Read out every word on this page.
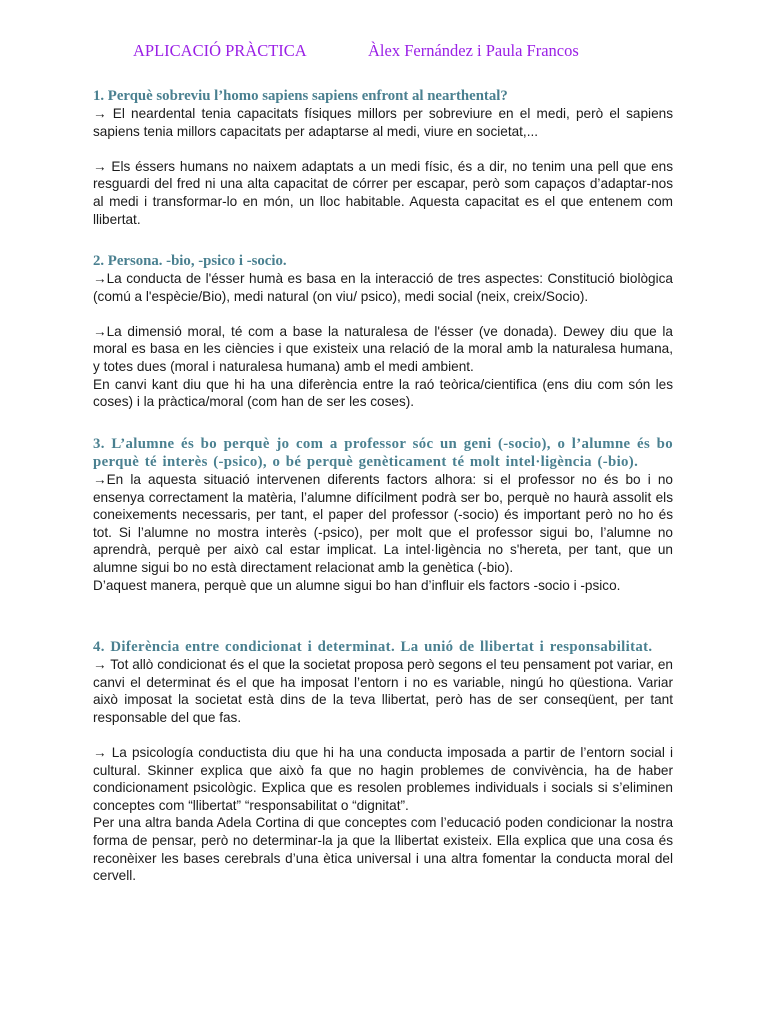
APLICACIÓ PRÀCTICA	Àlex Fernández i Paula Francos

1. Perquè sobreviu l’homo sapiens sapiens enfront al nearthental?

→ El neardental tenia capacitats físiques millors per sobreviure en el medi, però el sapiens sapiens tenia millors capacitats per adaptarse al medi, viure en societat,...

→ Els éssers humans no naixem adaptats a un medi físic, és a dir, no tenim una pell que ens resguardi del fred ni una alta capacitat de córrer per escapar, però som capaços d’adaptar-nos al medi i transformar-lo en món, un lloc habitable. Aquesta capacitat es el que entenem com llibertat.

2. Persona. -bio, -psico i -socio.

→La conducta de l'ésser humà es basa en la interacció de tres aspectes: Constitució biològica (comú a l'espècie/Bio), medi natural (on viu/ psico), medi social (neix, creix/Socio).

→La dimensió moral, té com a base la naturalesa de l'ésser (ve donada). Dewey diu que la moral es basa en les ciències i que existeix una relació de la moral amb la naturalesa humana, y totes dues (moral i naturalesa humana) amb el medi ambient.

En canvi kant diu que hi ha una diferència entre la raó teòrica/cientifica (ens diu com són les coses) i la pràctica/moral (com han de ser les coses).

3. L’alumne és bo perquè jo com a professor sóc un geni (-socio), o l’alumne és bo perquè té interès (-psico), o bé perquè genèticament té molt intel·ligència (-bio).

→En la aquesta situació intervenen diferents factors alhora: si el professor no és bo i no ensenya correctament la matèria, l’alumne difícilment podrà ser bo, perquè no haurà assolit els coneixements necessaris, per tant, el paper del professor (-socio) és important però no ho és tot. Si l’alumne no mostra interès (-psico), per molt que el professor sigui bo, l’alumne no aprendrà, perquè per això cal estar implicat. La intel·ligència no s'hereta, per tant, que un alumne sigui bo no està directament relacionat amb la genètica (-bio).

D’aquest manera, perquè que un alumne sigui bo han d’influir els factors -socio i -psico.

4. Diferència entre condicionat i determinat. La unió de llibertat i responsabilitat.

→ Tot allò condicionat és el que la societat proposa però segons el teu pensament pot variar, en canvi el determinat és el que ha imposat l’entorn i no es variable, ningú ho qüestiona. Variar això imposat la societat està dins de la teva llibertat, però has de ser conseqüent, per tant responsable del que fas.

→ La psicología conductista diu que hi ha una conducta imposada a partir de l’entorn social i cultural. Skinner explica que això fa que no hagin problemes de convivència, ha de haber condicionament psicològic. Explica que es resolen problemes individuals i socials si s’eliminen conceptes com “llibertat” “responsabilitat o “dignitat”.

Per una altra banda Adela Cortina di que conceptes com l’educació poden condicionar la nostra forma de pensar, però no determinar-la ja que la llibertat existeix. Ella explica que una cosa és reconèixer les bases cerebrals d’una ètica universal i una altra fomentar la conducta moral del cervell.
